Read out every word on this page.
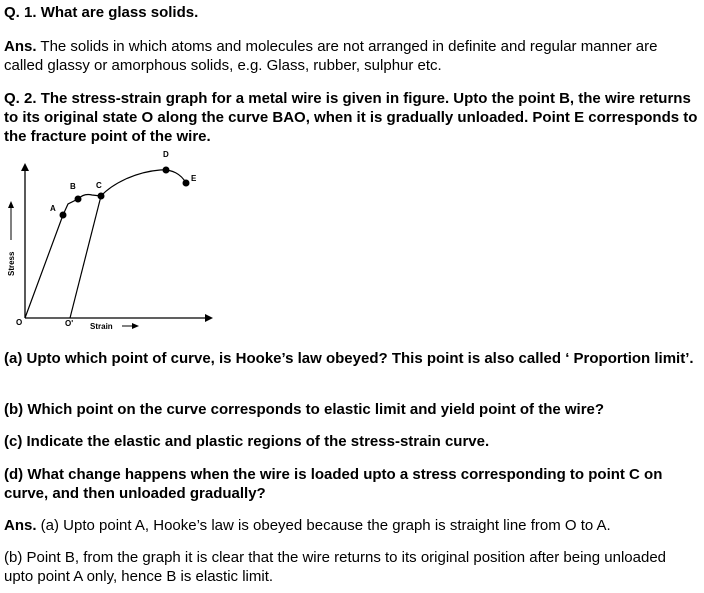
Q. 1. What are glass solids.
Ans. The solids in which atoms and molecules are not arranged in definite and regular manner are called glassy or amorphous solids, e.g. Glass, rubber, sulphur etc.
Q. 2. The stress-strain graph for a metal wire is given in figure. Upto the point B, the wire returns to its original state O along the curve BAO, when it is gradually unloaded. Point E corresponds to the fracture point of the wire.
Stress
A
B	C
D
E
O	O' Strain
(a) Upto which point of curve, is Hooke’s law obeyed? This point is also called ‘ Proportion limit’.
(b) Which point on the curve corresponds to elastic limit and yield point of the wire?
(c) Indicate the elastic and plastic regions of the stress-strain curve.
(d) What change happens when the wire is loaded upto a stress corresponding to point C on curve, and then unloaded gradually?
Ans. (a) Upto point A, Hooke’s law is obeyed because the graph is straight line from O to A.
(b) Point B, from the graph it is clear that the wire returns to its original position after being unloaded upto point A only, hence B is elastic limit.
